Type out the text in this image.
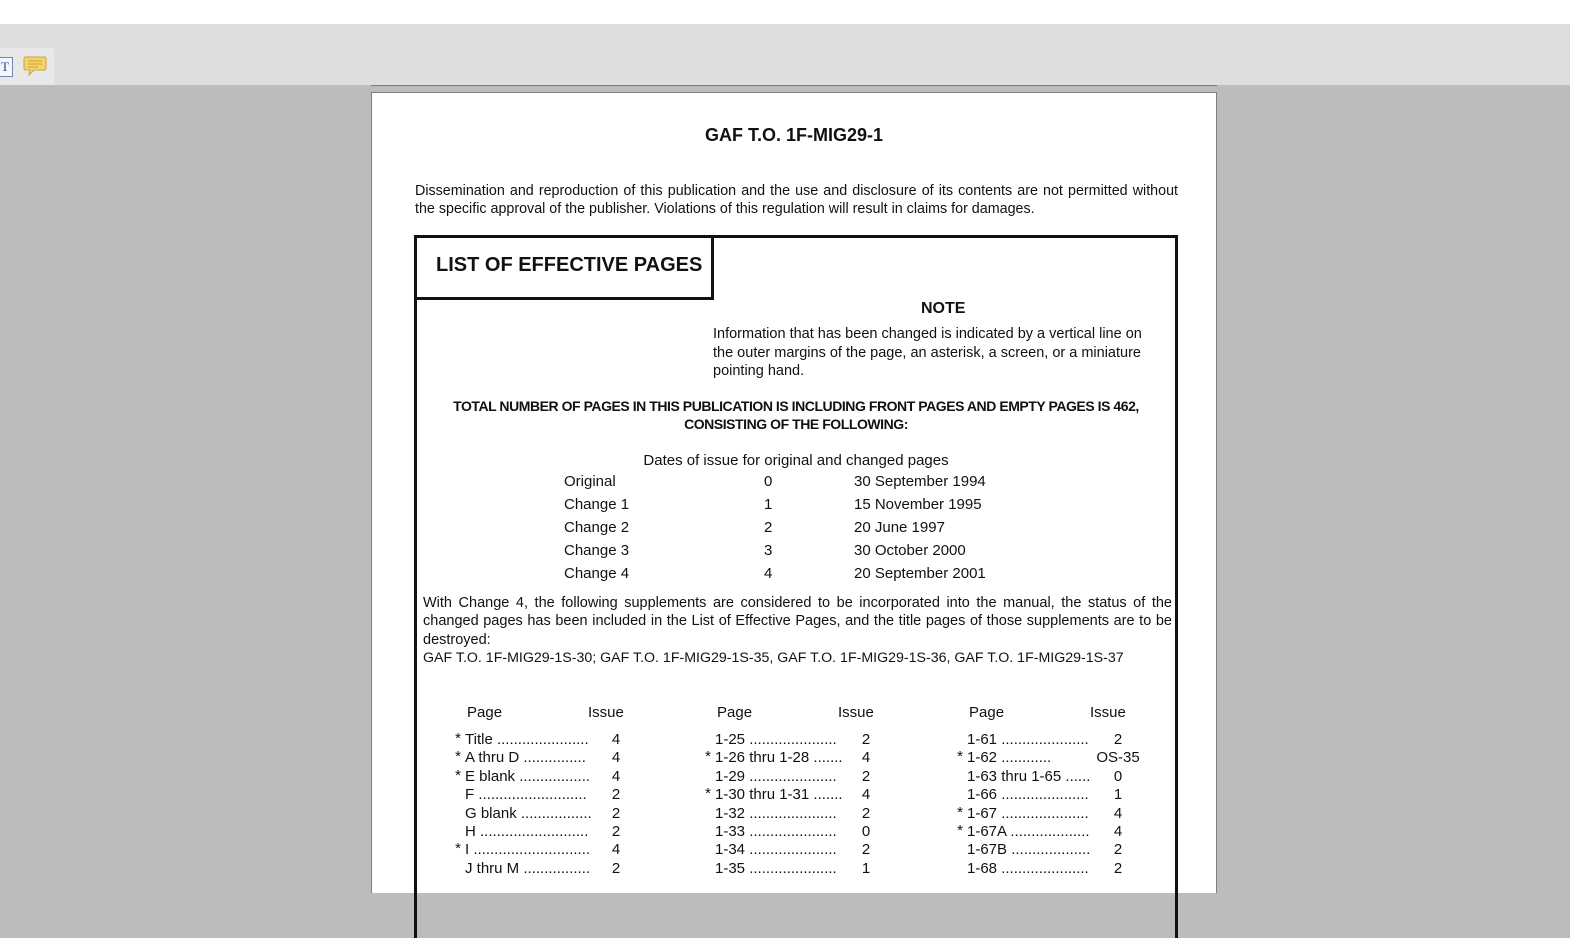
T
GAF T.O. 1F-MIG29-1
Dissemination and reproduction of this publication and the use and disclosure of its contents are not permitted without the specific approval of the publisher. Violations of this regulation will result in claims for damages.
LIST OF EFFECTIVE PAGES
NOTE
Information that has been changed is indicated by a vertical line on the outer margins of the page, an asterisk, a screen, or a miniature pointing hand.
TOTAL NUMBER OF PAGES IN THIS PUBLICATION IS INCLUDING FRONT PAGES AND EMPTY PAGES IS 462, CONSISTING OF THE FOLLOWING:
Dates of issue for original and changed pages
Original	0	30 September 1994
Change 1	1	15 November 1995
Change 2	2	20 June 1997
Change 3	3	30 October 2000
Change 4	4	20 September 2001
With Change 4, the following supplements are considered to be incorporated into the manual, the status of the changed pages has been included in the List of Effective Pages, and the title pages of those supplements are to be destroyed:
GAF T.O. 1F-MIG29-1S-30; GAF T.O. 1F-MIG29-1S-35, GAF T.O. 1F-MIG29-1S-36, GAF T.O. 1F-MIG29-1S-37
Page	Issue
* Title ......................	4
* A thru D ...............	4
* E blank .................	4
F ..........................	2
G blank .................	2
H ..........................	2
* I ............................	4
J thru M ................	2
Page	Issue
1-25 .....................	2
* 1-26 thru 1-28 .......	4
1-29 .....................	2
* 1-30 thru 1-31 .......	4
1-32 .....................	2
1-33 .....................	0
1-34 .....................	2
1-35 .....................	1
Page	Issue
1-61 .....................	2
* 1-62 ............	OS-35
1-63 thru 1-65 ......	0
1-66 .....................	1
* 1-67 .....................	4
* 1-67A ...................	4
1-67B ...................	2
1-68 .....................	2
